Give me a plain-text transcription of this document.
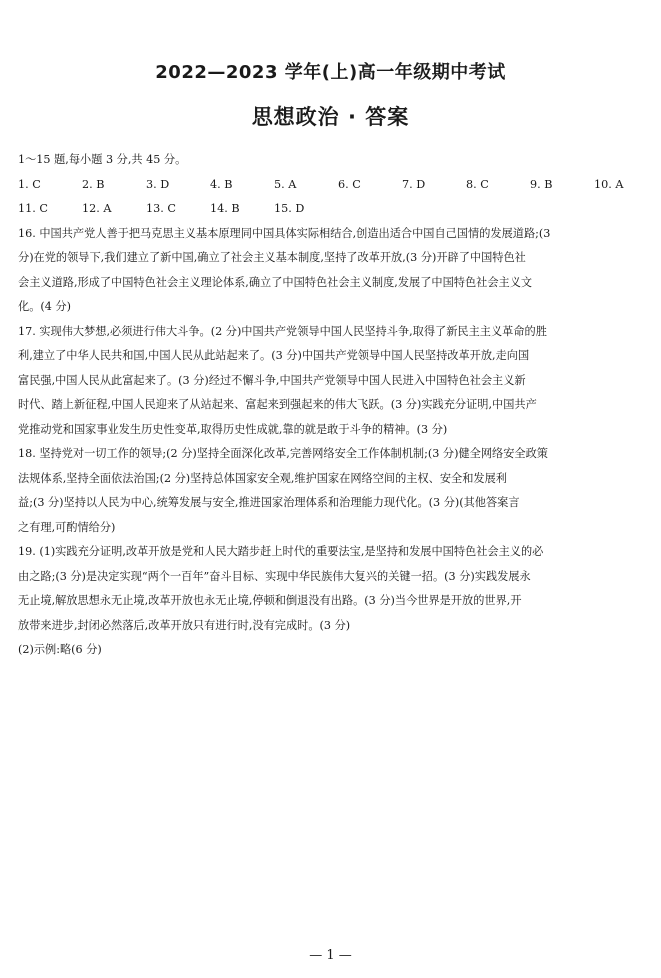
2022—2023 学年(上)高一年级期中考试
思想政治 · 答案
1～15 题,每小题 3 分,共 45 分。
1. C	2. B	3. D	4. B	5. A	6. C	7. D	8. C	9. B	10. A
11. C	12. A	13. C	14. B	15. D
16. 中国共产党人善于把马克思主义基本原理同中国具体实际相结合,创造出适合中国自己国情的发展道路;(3
分)在党的领导下,我们建立了新中国,确立了社会主义基本制度,坚持了改革开放,(3 分)开辟了中国特色社
会主义道路,形成了中国特色社会主义理论体系,确立了中国特色社会主义制度,发展了中国特色社会主义文
化。(4 分)
17. 实现伟大梦想,必须进行伟大斗争。(2 分)中国共产党领导中国人民坚持斗争,取得了新民主主义革命的胜
利,建立了中华人民共和国,中国人民从此站起来了。(3 分)中国共产党领导中国人民坚持改革开放,走向国
富民强,中国人民从此富起来了。(3 分)经过不懈斗争,中国共产党领导中国人民进入中国特色社会主义新
时代、踏上新征程,中国人民迎来了从站起来、富起来到强起来的伟大飞跃。(3 分)实践充分证明,中国共产
党推动党和国家事业发生历史性变革,取得历史性成就,靠的就是敢于斗争的精神。(3 分)
18. 坚持党对一切工作的领导;(2 分)坚持全面深化改革,完善网络安全工作体制机制;(3 分)健全网络安全政策
法规体系,坚持全面依法治国;(2 分)坚持总体国家安全观,维护国家在网络空间的主权、安全和发展利
益;(3 分)坚持以人民为中心,统筹发展与安全,推进国家治理体系和治理能力现代化。(3 分)(其他答案言
之有理,可酌情给分)
19. (1)实践充分证明,改革开放是党和人民大踏步赶上时代的重要法宝,是坚持和发展中国特色社会主义的必
由之路;(3 分)是决定实现“两个一百年”奋斗目标、实现中华民族伟大复兴的关键一招。(3 分)实践发展永
无止境,解放思想永无止境,改革开放也永无止境,停顿和倒退没有出路。(3 分)当今世界是开放的世界,开
放带来进步,封闭必然落后,改革开放只有进行时,没有完成时。(3 分)
(2)示例:略(6 分)
— 1 —
